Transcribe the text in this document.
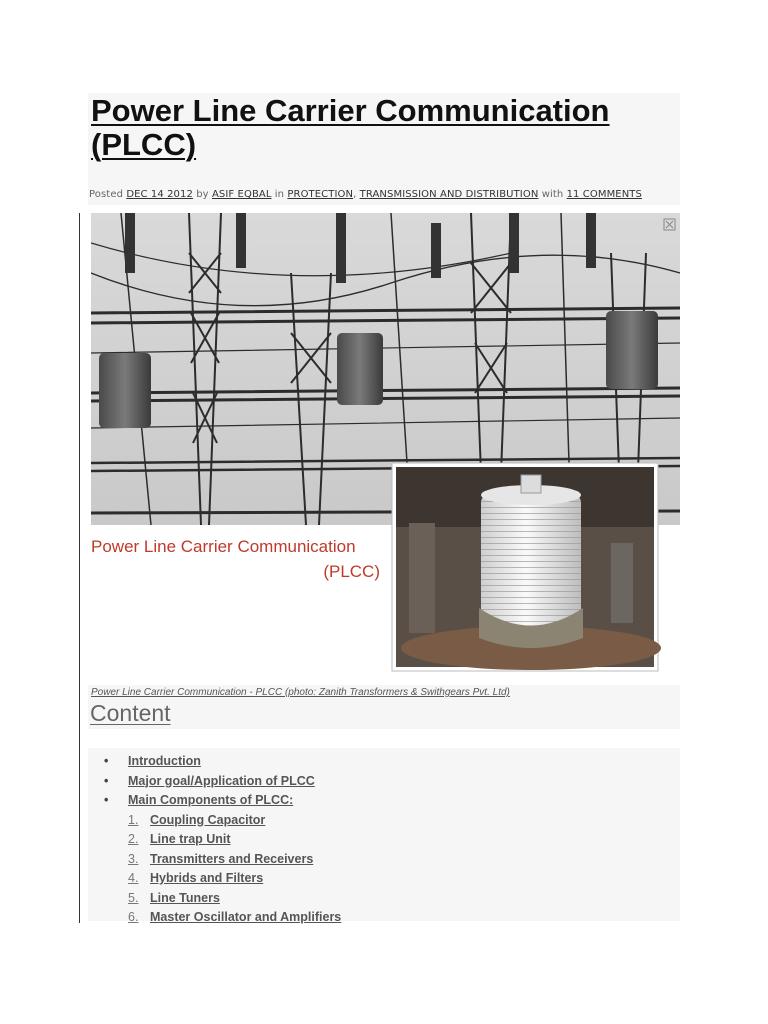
Power Line Carrier Communication (PLCC)
Posted DEC 14 2012 by ASIF EQBAL in PROTECTION, TRANSMISSION AND DISTRIBUTION with 11 COMMENTS
Power Line Carrier Communication
(PLCC)
Power Line Carrier Communication - PLCC (photo: Zanith Transformers & Swithgears Pvt. Ltd)
Content
• Introduction
• Major goal/Application of PLCC
• Main Components of PLCC:
1. Coupling Capacitor
2. Line trap Unit
3. Transmitters and Receivers
4. Hybrids and Filters
5. Line Tuners
6. Master Oscillator and Amplifiers
